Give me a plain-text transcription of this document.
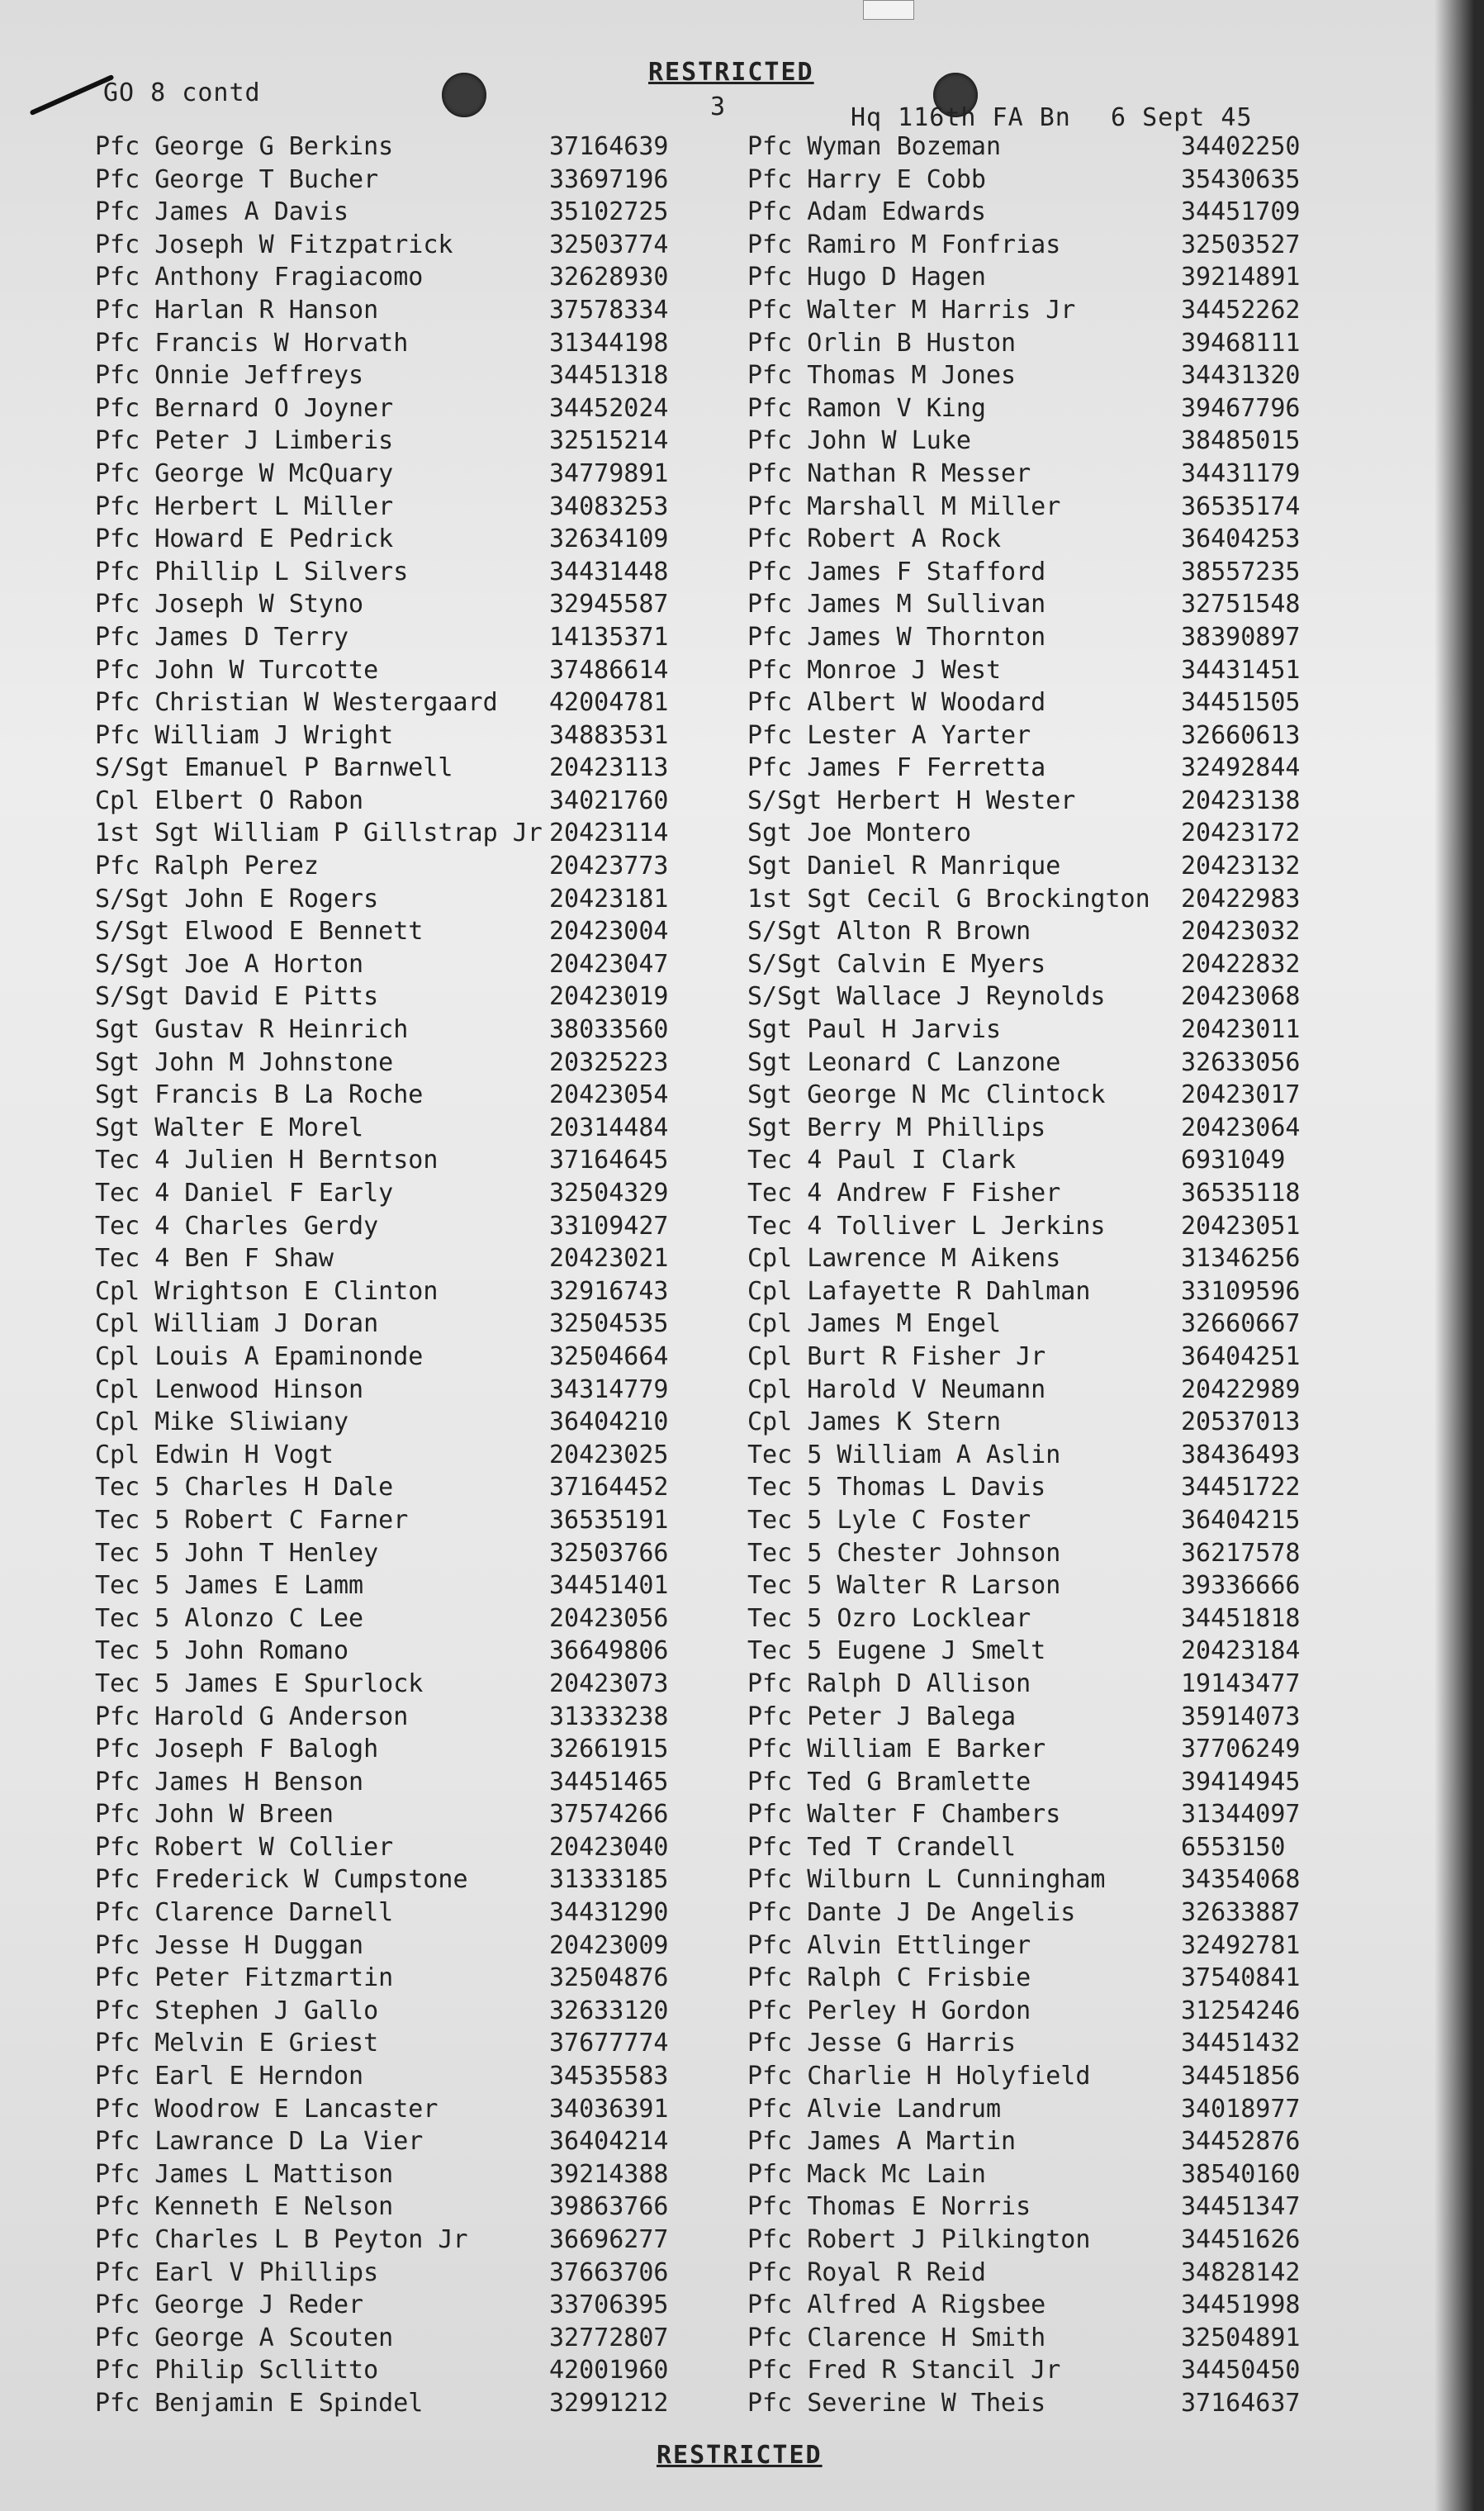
GO 8 contd
RESTRICTED
3	Hq 116th FA Bn 6 Sept 45
Pfc George G Berkins	37164639
Pfc George T Bucher	33697196
Pfc James A Davis	35102725
Pfc Joseph W Fitzpatrick	32503774
Pfc Anthony Fragiacomo	32628930
Pfc Harlan R Hanson	37578334
Pfc Francis W Horvath	31344198
Pfc Onnie Jeffreys	34451318
Pfc Bernard O Joyner	34452024
Pfc Peter J Limberis	32515214
Pfc George W McQuary	34779891
Pfc Herbert L Miller	34083253
Pfc Howard E Pedrick	32634109
Pfc Phillip L Silvers	34431448
Pfc Joseph W Styno	32945587
Pfc James D Terry	14135371
Pfc John W Turcotte	37486614
Pfc Christian W Westergaard 42004781
Pfc William J Wright	34883531
S/Sgt Emanuel P Barnwell	20423113
Cpl Elbert O Rabon	34021760
1st Sgt William P Gillstrap Jr 20423114
Pfc Ralph Perez	20423773
S/Sgt John E Rogers	20423181
S/Sgt Elwood E Bennett	20423004
S/Sgt Joe A Horton	20423047
S/Sgt David E Pitts	20423019
Sgt Gustav R Heinrich	38033560
Sgt John M Johnstone	20325223
Sgt Francis B La Roche	20423054
Sgt Walter E Morel	20314484
Tec 4 Julien H Berntson	37164645
Tec 4 Daniel F Early	32504329
Tec 4 Charles Gerdy	33109427
Tec 4 Ben F Shaw	20423021
Cpl Wrightson E Clinton	32916743
Cpl William J Doran	32504535
Cpl Louis A Epaminonde	32504664
Cpl Lenwood Hinson	34314779
Cpl Mike Sliwiany	36404210
Cpl Edwin H Vogt	20423025
Tec 5 Charles H Dale	37164452
Tec 5 Robert C Farner	36535191
Tec 5 John T Henley	32503766
Tec 5 James E Lamm	34451401
Tec 5 Alonzo C Lee	20423056
Tec 5 John Romano	36649806
Tec 5 James E Spurlock	20423073
Pfc Harold G Anderson	31333238
Pfc Joseph F Balogh	32661915
Pfc James H Benson	34451465
Pfc John W Breen	37574266
Pfc Robert W Collier	20423040
Pfc Frederick W Cumpstone	31333185
Pfc Clarence Darnell	34431290
Pfc Jesse H Duggan	20423009
Pfc Peter Fitzmartin	32504876
Pfc Stephen J Gallo	32633120
Pfc Melvin E Griest	37677774
Pfc Earl E Herndon	34535583
Pfc Woodrow E Lancaster	34036391
Pfc Lawrance D La Vier	36404214
Pfc James L Mattison	39214388
Pfc Kenneth E Nelson	39863766
Pfc Charles L B Peyton Jr	36696277
Pfc Earl V Phillips	37663706
Pfc George J Reder	33706395
Pfc George A Scouten	32772807
Pfc Philip Scllitto	42001960
Pfc Benjamin E Spindel	32991212
Pfc Wyman Bozeman	34402250
Pfc Harry E Cobb	35430635
Pfc Adam Edwards	34451709
Pfc Ramiro M Fonfrias	32503527
Pfc Hugo D Hagen	39214891
Pfc Walter M Harris Jr	34452262
Pfc Orlin B Huston	39468111
Pfc Thomas M Jones	34431320
Pfc Ramon V King	39467796
Pfc John W Luke	38485015
Pfc Nathan R Messer	34431179
Pfc Marshall M Miller	36535174
Pfc Robert A Rock	36404253
Pfc James F Stafford	38557235
Pfc James M Sullivan	32751548
Pfc James W Thornton	38390897
Pfc Monroe J West	34431451
Pfc Albert W Woodard	34451505
Pfc Lester A Yarter	32660613
Pfc James F Ferretta	32492844
S/Sgt Herbert H Wester	20423138
Sgt Joe Montero	20423172
Sgt Daniel R Manrique	20423132
1st Sgt Cecil G Brockington 20422983
S/Sgt Alton R Brown	20423032
S/Sgt Calvin E Myers	20422832
S/Sgt Wallace J Reynolds	20423068
Sgt Paul H Jarvis	20423011
Sgt Leonard C Lanzone	32633056
Sgt George N Mc Clintock	20423017
Sgt Berry M Phillips	20423064
Tec 4 Paul I Clark	6931049
Tec 4 Andrew F Fisher	36535118
Tec 4 Tolliver L Jerkins	20423051
Cpl Lawrence M Aikens	31346256
Cpl Lafayette R Dahlman	33109596
Cpl James M Engel	32660667
Cpl Burt R Fisher Jr	36404251
Cpl Harold V Neumann	20422989
Cpl James K Stern	20537013
Tec 5 William A Aslin	38436493
Tec 5 Thomas L Davis	34451722
Tec 5 Lyle C Foster	36404215
Tec 5 Chester Johnson	36217578
Tec 5 Walter R Larson	39336666
Tec 5 Ozro Locklear	34451818
Tec 5 Eugene J Smelt	20423184
Pfc Ralph D Allison	19143477
Pfc Peter J Balega	35914073
Pfc William E Barker	37706249
Pfc Ted G Bramlette	39414945
Pfc Walter F Chambers	31344097
Pfc Ted T Crandell	6553150
Pfc Wilburn L Cunningham	34354068
Pfc Dante J De Angelis	32633887
Pfc Alvin Ettlinger	32492781
Pfc Ralph C Frisbie	37540841
Pfc Perley H Gordon	31254246
Pfc Jesse G Harris	34451432
Pfc Charlie H Holyfield	34451856
Pfc Alvie Landrum	34018977
Pfc James A Martin	34452876
Pfc Mack Mc Lain	38540160
Pfc Thomas E Norris	34451347
Pfc Robert J Pilkington	34451626
Pfc Royal R Reid	34828142
Pfc Alfred A Rigsbee	34451998
Pfc Clarence H Smith	32504891
Pfc Fred R Stancil Jr	34450450
Pfc Severine W Theis	37164637
RESTRICTED
